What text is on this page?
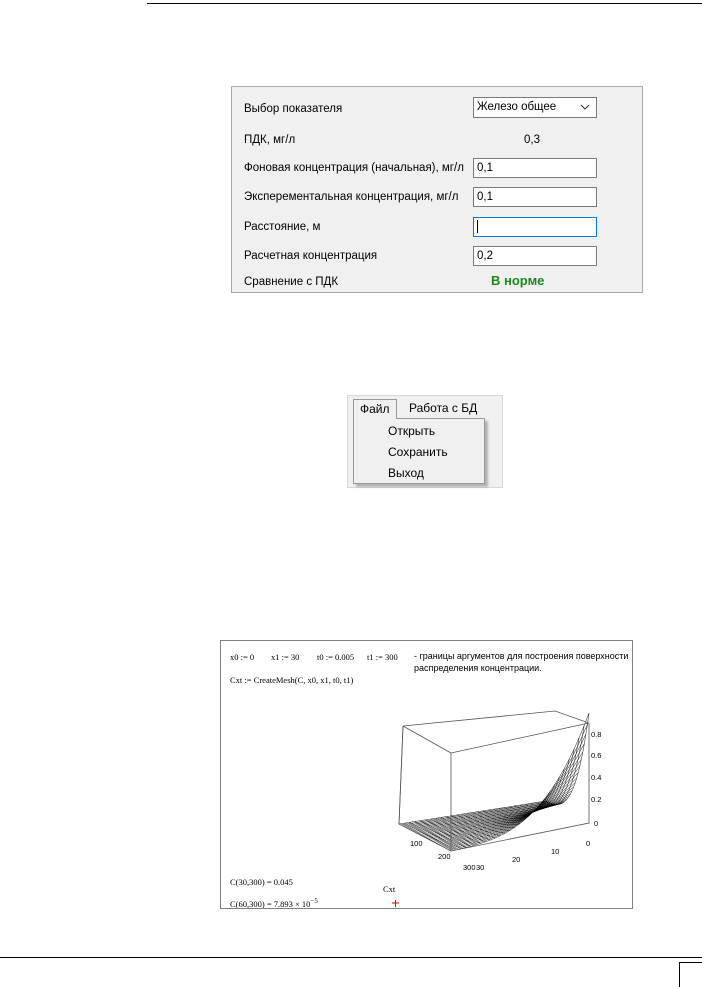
Выбор показателя	Железо общее
ПДК, мг/л	0,3
Фоновая концентрация (начальная), мг/л	0,1
Эксперементальная концентрация, мг/л	0,1
Расстояние, м
Расчетная концентрация	0,2
Сравнение с ПДК	В норме
Файл	Работа с БД
Открыть
Сохранить
Выход
x0 := 0 x1 := 30 t0 := 0.005 t1 := 300 - границы аргументов для построения поверхности распределения концентрации.
Cxt := CreateMesh(C, x0, x1, t0, t1)
0
0.2
0.4
0.6
0.8
100
200
300 30
20
10
0
Cxt
C(30,300) = 0.045
$C(60,300) = 7.893 \times 10^{-5}$
